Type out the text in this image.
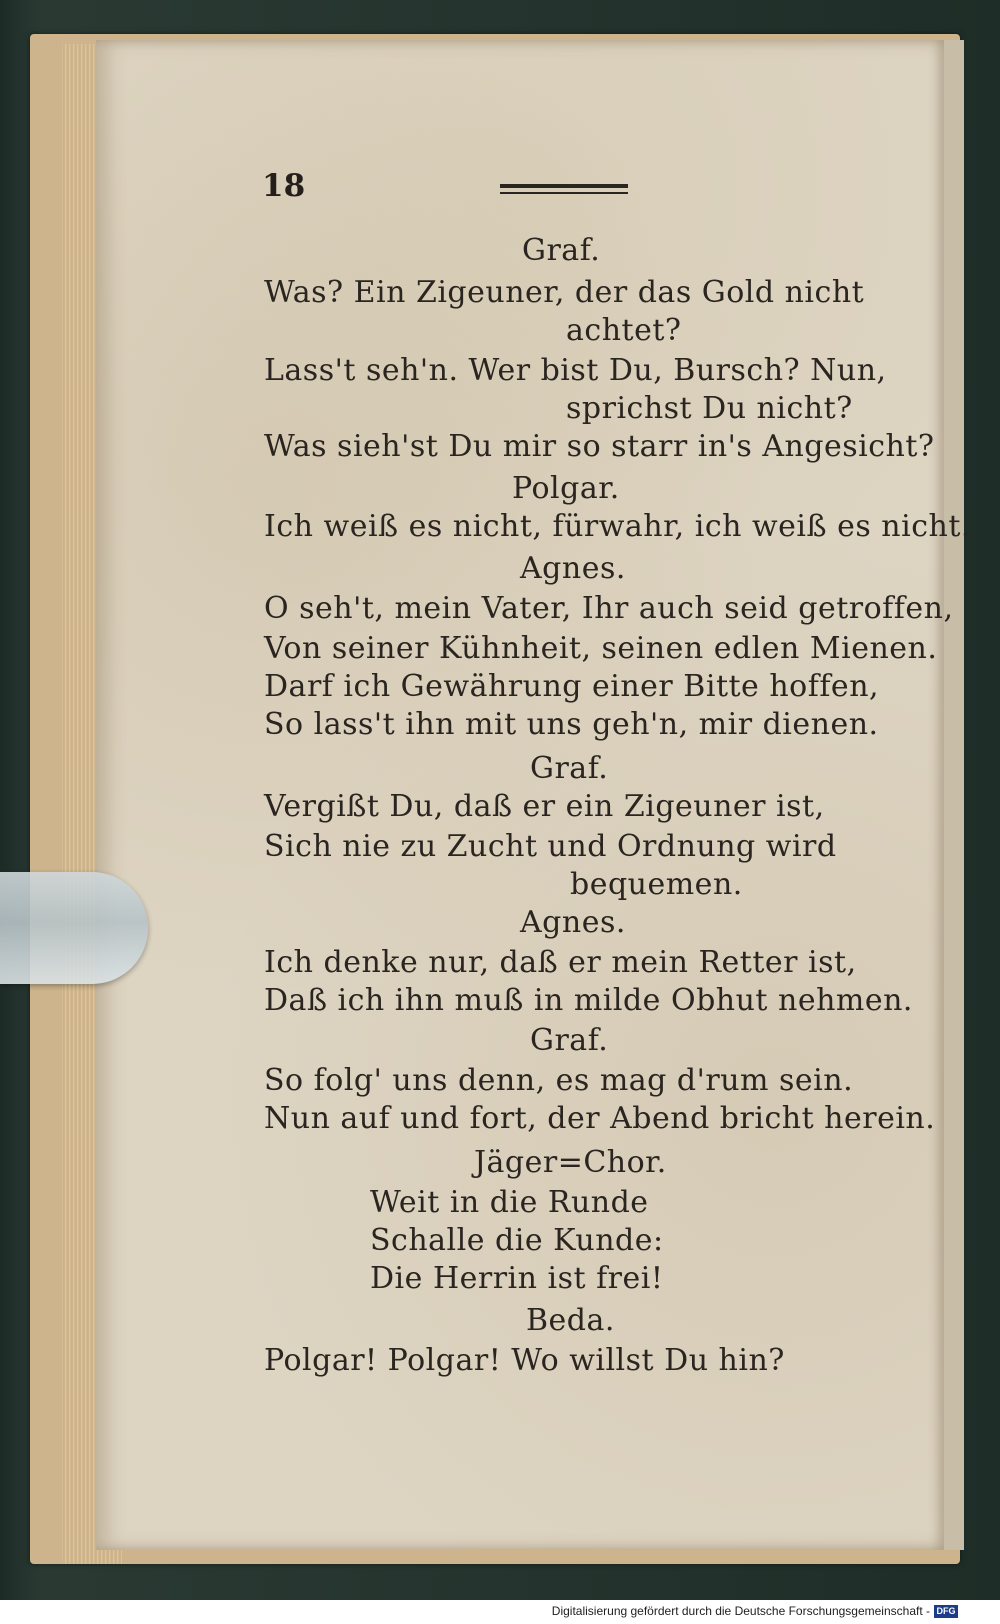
18
Graf.
Was? Ein Zigeuner, der das Gold nicht
achtet?
Lass't seh'n. Wer bist Du, Bursch? Nun,
sprichst Du nicht?
Was sieh'st Du mir so starr in's Angesicht?
Polgar.
Ich weiß es nicht, fürwahr, ich weiß es nicht.
Agnes.
O seh't, mein Vater, Ihr auch seid getroffen,
Von seiner Kühnheit, seinen edlen Mienen.
Darf ich Gewährung einer Bitte hoffen,
So lass't ihn mit uns geh'n, mir dienen.
Graf.
Vergißt Du, daß er ein Zigeuner ist,
Sich nie zu Zucht und Ordnung wird
bequemen.
Agnes.
Ich denke nur, daß er mein Retter ist,
Daß ich ihn muß in milde Obhut nehmen.
Graf.
So folg' uns denn, es mag d'rum sein.
Nun auf und fort, der Abend bricht herein.
Jäger=Chor.
Weit in die Runde
Schalle die Kunde:
Die Herrin ist frei!
Beda.
Polgar! Polgar! Wo willst Du hin?
Digitalisierung gefördert durch die Deutsche Forschungsgemeinschaft - DFG
